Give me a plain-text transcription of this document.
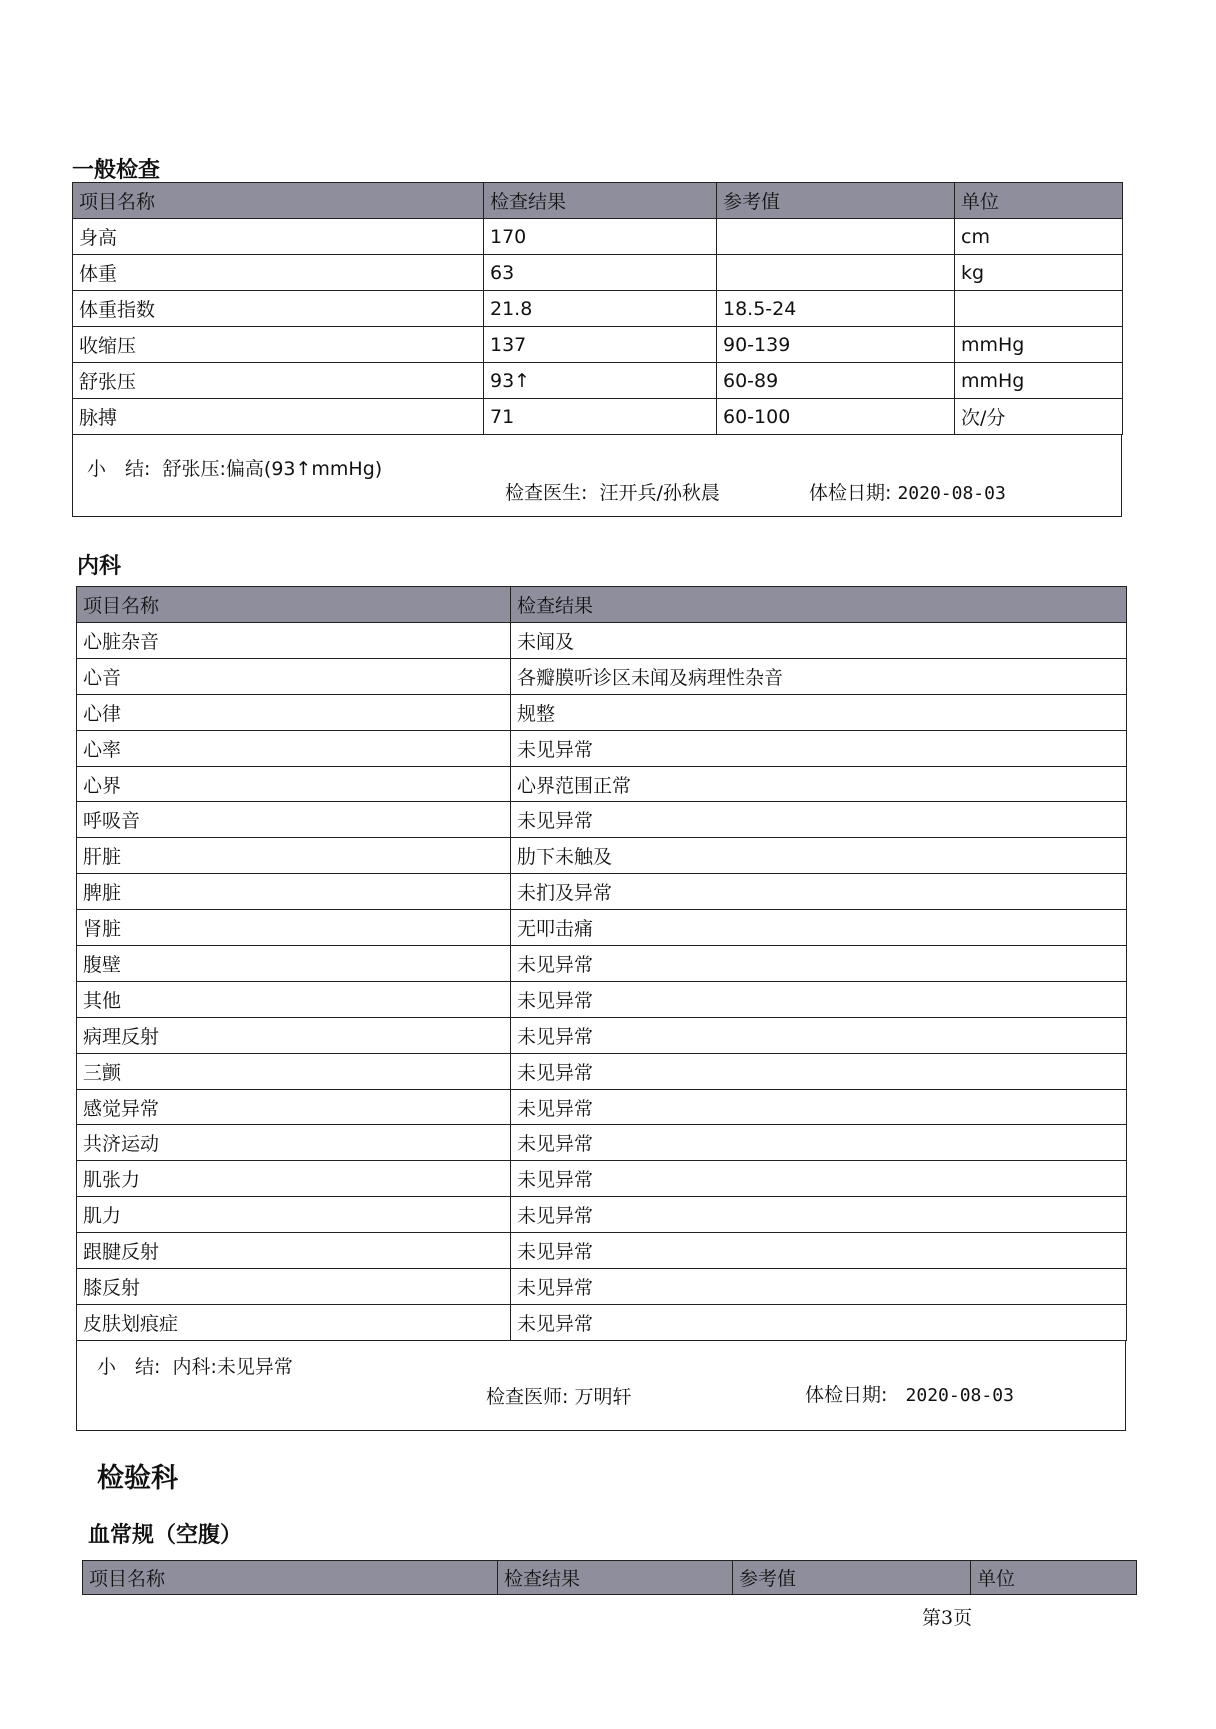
一般检查
项目名称	检查结果	参考值	单位
身高	170		cm
体重	63		kg
体重指数	21.8	18.5-24	
收缩压	137	90-139	mmHg
舒张压	93↑	60-89	mmHg
脉搏	71	60-100	次/分
小　结: 舒张压:偏高(93↑mmHg)
检查医生: 汪开兵/孙秋晨	体检日期: 2020-08-03
内科
项目名称	检查结果
心脏杂音	未闻及
心音	各瓣膜听诊区未闻及病理性杂音
心律	规整
心率	未见异常
心界	心界范围正常
呼吸音	未见异常
肝脏	肋下未触及
脾脏	未扪及异常
肾脏	无叩击痛
腹壁	未见异常
其他	未见异常
病理反射	未见异常
三颤	未见异常
感觉异常	未见异常
共济运动	未见异常
肌张力	未见异常
肌力	未见异常
跟腱反射	未见异常
膝反射	未见异常
皮肤划痕症	未见异常
小　结: 内科:未见异常
检查医师: 万明轩	体检日期: 2020-08-03
检验科
血常规（空腹）
项目名称	检查结果	参考值	单位
第3页
